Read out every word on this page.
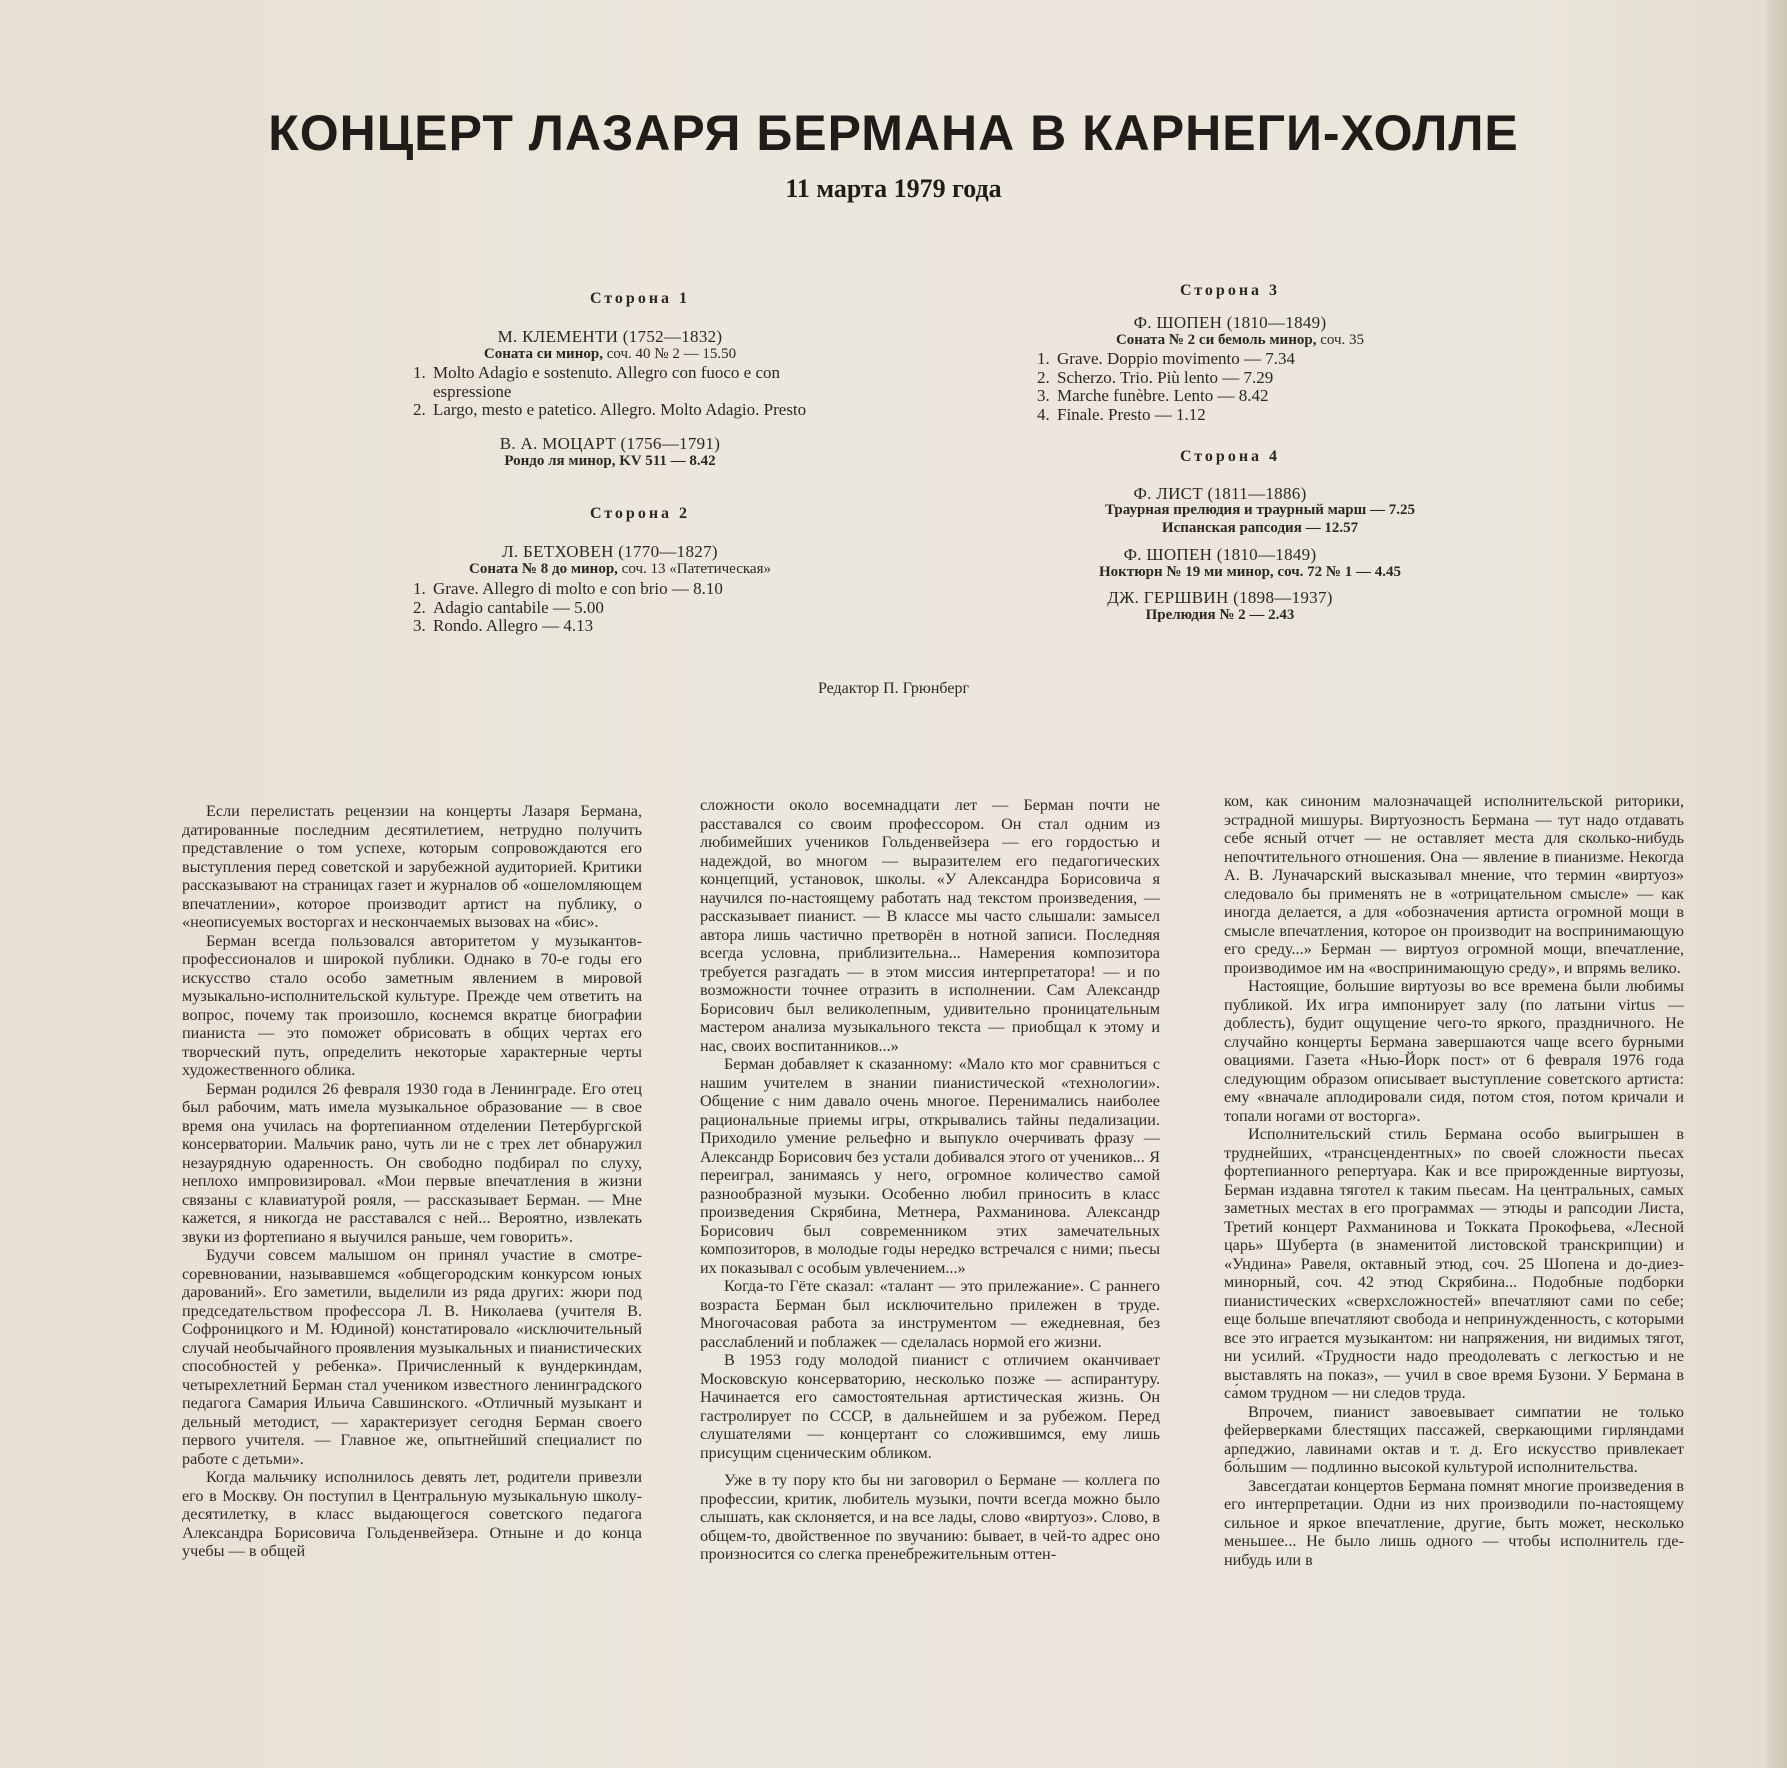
КОНЦЕРТ ЛАЗАРЯ БЕРМАНА В КАРНЕГИ-ХОЛЛЕ
11 марта 1979 года
Сторона 1
М. КЛЕМЕНТИ (1752—1832)
Соната си минор, соч. 40 № 2 — 15.50
1. Molto Adagio e sostenuto. Allegro con fuoco e con
espressione
2. Largo, mesto e patetico. Allegro. Molto Adagio. Presto
В. А. МОЦАРТ (1756—1791)
Рондо ля минор, KV 511 — 8.42
Сторона 2
Л. БЕТХОВЕН (1770—1827)
Соната № 8 до минор, соч. 13 «Патетическая»
1. Grave. Allegro di molto e con brio — 8.10
2. Adagio cantabile — 5.00
3. Rondo. Allegro — 4.13
Сторона 3
Ф. ШОПЕН (1810—1849)
Соната № 2 си бемоль минор, соч. 35
1. Grave. Doppio movimento — 7.34
2. Scherzo. Trio. Più lento — 7.29
3. Marche funèbre. Lento — 8.42
4. Finale. Presto — 1.12
Сторона 4
Ф. ЛИСТ (1811—1886)
Траурная прелюдия и траурный марш — 7.25
Испанская рапсодия — 12.57
Ф. ШОПЕН (1810—1849)
Ноктюрн № 19 ми минор, соч. 72 № 1 — 4.45
ДЖ. ГЕРШВИН (1898—1937)
Прелюдия № 2 — 2.43
Редактор П. Грюнберг

Если перелистать рецензии на концерты Лазаря Бермана, датированные последним десятилетием, нетрудно получить представление о том успехе, которым сопровождаются его выступления перед советской и зарубежной аудиторией. Критики рассказывают на страницах газет и журналов об «ошеломляющем впечатлении», которое производит артист на публику, о «неописуемых восторгах и нескончаемых вызовах на «бис».

Берман всегда пользовался авторитетом у музыкантов-профессионалов и широкой публики. Однако в 70-е годы его искусство стало особо заметным явлением в мировой музыкально-исполнительской культуре. Прежде чем ответить на вопрос, почему так произошло, коснемся вкратце биографии пианиста — это поможет обрисовать в общих чертах его творческий путь, определить некоторые характерные черты художественного облика.

Берман родился 26 февраля 1930 года в Ленинграде. Его отец был рабочим, мать имела музыкальное образование — в свое время она училась на фортепианном отделении Петербургской консерватории. Мальчик рано, чуть ли не с трех лет обнаружил незаурядную одаренность. Он свободно подбирал по слуху, неплохо импровизировал. «Мои первые впечатления в жизни связаны с клавиатурой рояля, — рассказывает Берман. — Мне кажется, я никогда не расставался с ней... Вероятно, извлекать звуки из фортепиано я выучился раньше, чем говорить».

Будучи совсем малышом он принял участие в смотре-соревновании, называвшемся «общегородским конкурсом юных дарований». Его заметили, выделили из ряда других: жюри под председательством профессора Л. В. Николаева (учителя В. Софроницкого и М. Юдиной) констатировало «исключительный случай необычайного проявления музыкальных и пианистических способностей у ребенка». Причисленный к вундеркиндам, четырехлетний Берман стал учеником известного ленинградского педагога Самария Ильича Савшинского. «Отличный музыкант и дельный методист, — характеризует сегодня Берман своего первого учителя. — Главное же, опытнейший специалист по работе с детьми».

Когда мальчику исполнилось девять лет, родители привезли его в Москву. Он поступил в Центральную музыкальную школу-десятилетку, в класс выдающегося советского педагога Александра Борисовича Гольденвейзера. Отныне и до конца учебы — в общей

сложности около восемнадцати лет — Берман почти не расставался со своим профессором. Он стал одним из любимейших учеников Гольденвейзера — его гордостью и надеждой, во многом — выразителем его педагогических концепций, установок, школы. «У Александра Борисовича я научился по-настоящему работать над текстом произведения, — рассказывает пианист. — В классе мы часто слышали: замысел автора лишь частично претворён в нотной записи. Последняя всегда условна, приблизительна... Намерения композитора требуется разгадать — в этом миссия интерпретатора! — и по возможности точнее отразить в исполнении. Сам Александр Борисович был великолепным, удивительно проницательным мастером анализа музыкального текста — приобщал к этому и нас, своих воспитанников...»

Берман добавляет к сказанному: «Мало кто мог сравниться с нашим учителем в знании пианистической «технологии». Общение с ним давало очень многое. Перенимались наиболее рациональные приемы игры, открывались тайны педализации. Приходило умение рельефно и выпукло очерчивать фразу — Александр Борисович без устали добивался этого от учеников... Я переиграл, занимаясь у него, огромное количество самой разнообразной музыки. Особенно любил приносить в класс произведения Скрябина, Метнера, Рахманинова. Александр Борисович был современником этих замечательных композиторов, в молодые годы нередко встречался с ними; пьесы их показывал с особым увлечением...»

Когда-то Гёте сказал: «талант — это прилежание». С раннего возраста Берман был исключительно прилежен в труде. Многочасовая работа за инструментом — ежедневная, без расслаблений и поблажек — сделалась нормой его жизни.

В 1953 году молодой пианист с отличием оканчивает Московскую консерваторию, несколько позже — аспирантуру. Начинается его самостоятельная артистическая жизнь. Он гастролирует по СССР, в дальнейшем и за рубежом. Перед слушателями — концертант со сложившимся, ему лишь присущим сценическим обликом.

Уже в ту пору кто бы ни заговорил о Бермане — коллега по профессии, критик, любитель музыки, почти всегда можно было слышать, как склоняется, и на все лады, слово «виртуоз». Слово, в общем-то, двойственное по звучанию: бывает, в чей-то адрес оно произносится со слегка пренебрежительным оттен-

ком, как синоним малозначащей исполнительской риторики, эстрадной мишуры. Виртуозность Бермана — тут надо отдавать себе ясный отчет — не оставляет места для сколько-нибудь непочтительного отношения. Она — явление в пианизме. Некогда А. В. Луначарский высказывал мнение, что термин «виртуоз» следовало бы применять не в «отрицательном смысле» — как иногда делается, а для «обозначения артиста огромной мощи в смысле впечатления, которое он производит на воспринимающую его среду...» Берман — виртуоз огромной мощи, впечатление, производимое им на «воспринимающую среду», и впрямь велико.

Настоящие, большие виртуозы во все времена были любимы публикой. Их игра импонирует залу (по латыни virtus — доблесть), будит ощущение чего-то яркого, праздничного. Не случайно концерты Бермана завершаются чаще всего бурными овациями. Газета «Нью-Йорк пост» от 6 февраля 1976 года следующим образом описывает выступление советского артиста: ему «вначале аплодировали сидя, потом стоя, потом кричали и топали ногами от восторга».

Исполнительский стиль Бермана особо выигрышен в труднейших, «трансцендентных» по своей сложности пьесах фортепианного репертуара. Как и все прирожденные виртуозы, Берман издавна тяготел к таким пьесам. На центральных, самых заметных местах в его программах — этюды и рапсодии Листа, Третий концерт Рахманинова и Токката Прокофьева, «Лесной царь» Шуберта (в знаменитой листовской транскрипции) и «Ундина» Равеля, октавный этюд, соч. 25 Шопена и до-диез-минорный, соч. 42 этюд Скрябина... Подобные подборки пианистических «сверхсложностей» впечатляют сами по себе; еще больше впечатляют свобода и непринужденность, с которыми все это играется музыкантом: ни напряжения, ни видимых тягот, ни усилий. «Трудности надо преодолевать с легкостью и не выставлять на показ», — учил в свое время Бузони. У Бермана в са́мом трудном — ни следов труда.

Впрочем, пианист завоевывает симпатии не только фейерверками блестящих пассажей, сверкающими гирляндами арпеджио, лавинами октав и т. д. Его искусство привлекает бо́льшим — подлинно высокой культурой исполнительства.

Завсегдатаи концертов Бермана помнят многие произведения в его интерпретации. Одни из них производили по-настоящему сильное и яркое впечатление, другие, быть может, несколько меньшее... Не было лишь одного — чтобы исполнитель где-нибудь или в
